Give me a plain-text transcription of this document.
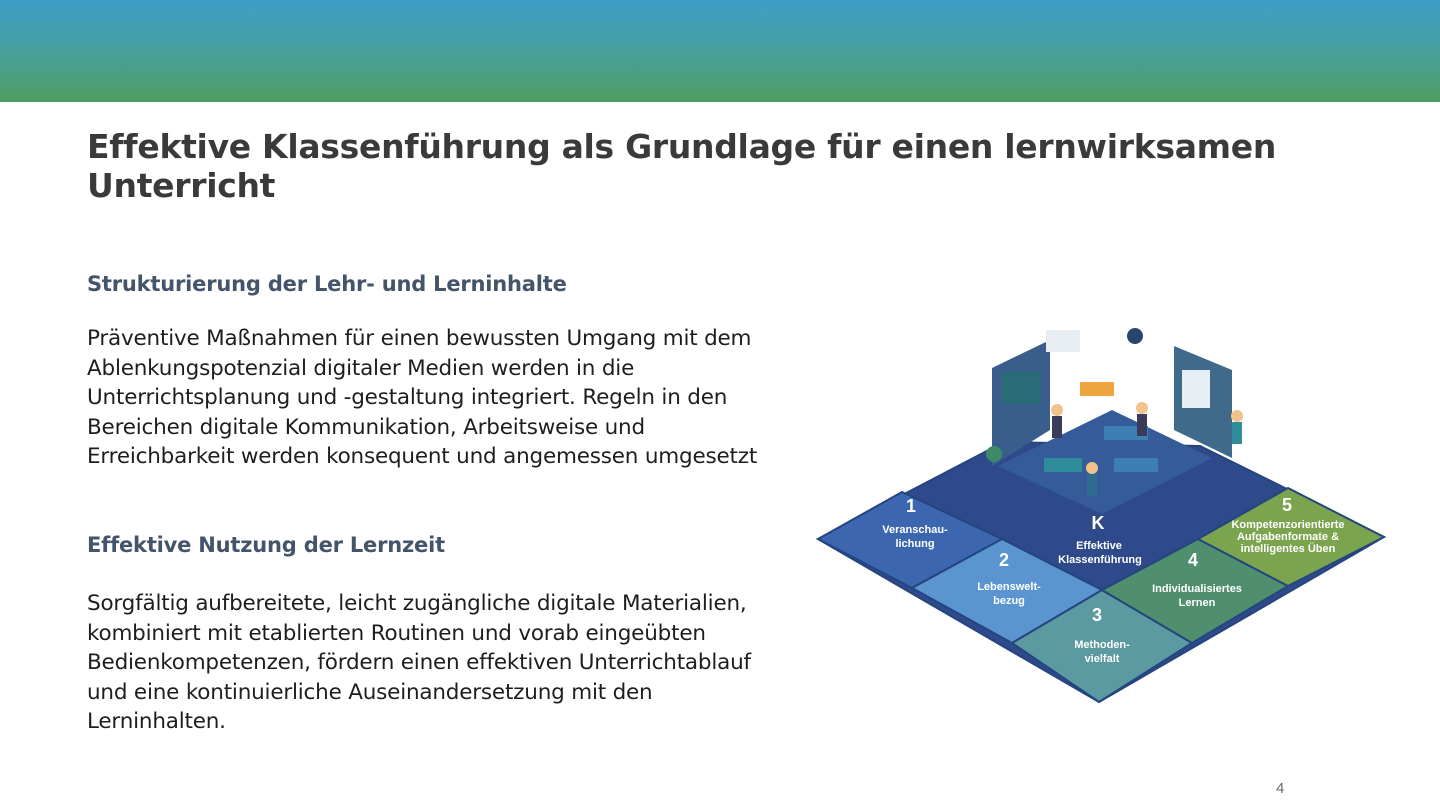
Effektive Klassenführung als Grundlage für einen lernwirksamen Unterricht
Strukturierung der Lehr- und Lerninhalte

Präventive Maßnahmen für einen bewussten Umgang mit dem
Ablenkungspotenzial digitaler Medien werden in die
Unterrichtsplanung und -gestaltung integriert. Regeln in den
Bereichen digitale Kommunikation, Arbeitsweise und
Erreichbarkeit werden konsequent und angemessen umgesetzt

Effektive Nutzung der Lernzeit

Sorgfältig aufbereitete, leicht zugängliche digitale Materialien,
kombiniert mit etablierten Routinen und vorab eingeübten
Bedienkompetenzen, fördern einen effektiven Unterrichtablauf
und eine kontinuierliche Auseinandersetzung mit den
Lerninhalten.

1
Veranschau-
lichung
2
Lebenswelt-
bezug
3
Methoden-
vielfalt
4
Individualisiertes
Lernen
5
Kompetenzorientierte
Aufgabenformate &
intelligentes Üben
K
Effektive
Klassenführung
4
